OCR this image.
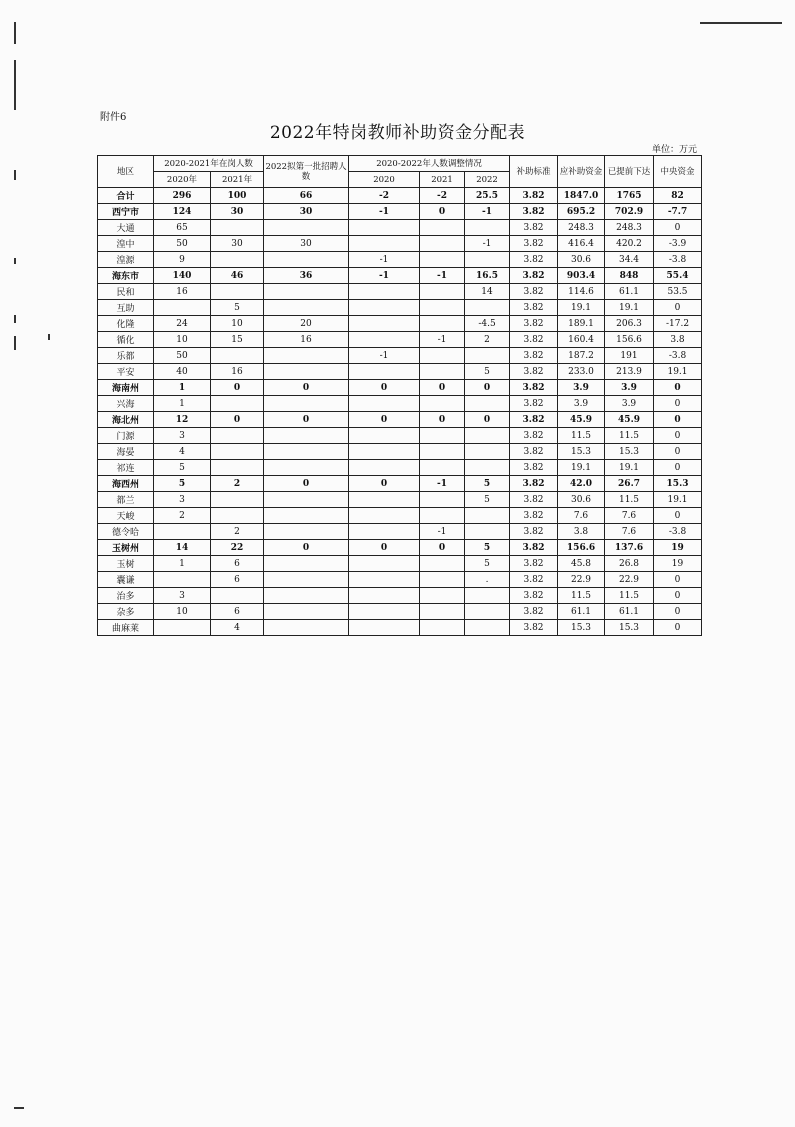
附件6
2022年特岗教师补助资金分配表
单位：万元
地区	2020-2021年在岗人数		2022拟第一批招聘人数	2020-2022年人数调整情况			补助标准	应补助资金	已提前下达	中央资金
	2020年	2021年		2020	2021	2022				
合计	296	100	66	-2	-2	25.5	3.82	1847.0	1765	82
西宁市	124	30	30	-1	0	-1	3.82	695.2	702.9	-7.7
大通	65						3.82	248.3	248.3	0
湟中	50	30	30			-1	3.82	416.4	420.2	-3.9
湟源	9			-1			3.82	30.6	34.4	-3.8
海东市	140	46	36	-1	-1	16.5	3.82	903.4	848	55.4
民和	16					14	3.82	114.6	61.1	53.5
互助		5					3.82	19.1	19.1	0
化隆	24	10	20			-4.5	3.82	189.1	206.3	-17.2
循化	10	15	16		-1	2	3.82	160.4	156.6	3.8
乐都	50			-1			3.82	187.2	191	-3.8
平安	40	16				5	3.82	233.0	213.9	19.1
海南州	1	0	0	0	0	0	3.82	3.9	3.9	0
兴海	1						3.82	3.9	3.9	0
海北州	12	0	0	0	0	0	3.82	45.9	45.9	0
门源	3						3.82	11.5	11.5	0
海晏	4						3.82	15.3	15.3	0
祁连	5						3.82	19.1	19.1	0
海西州	5	2	0	0	-1	5	3.82	42.0	26.7	15.3
都兰	3					5	3.82	30.6	11.5	19.1
天峻	2						3.82	7.6	7.6	0
德令哈		2			-1		3.82	3.8	7.6	-3.8
玉树州	14	22	0	0	0	5	3.82	156.6	137.6	19
玉树	1	6				5	3.82	45.8	26.8	19
囊谦		6				.	3.82	22.9	22.9	0
治多	3						3.82	11.5	11.5	0
杂多	10	6					3.82	61.1	61.1	0
曲麻莱		4					3.82	15.3	15.3	0
